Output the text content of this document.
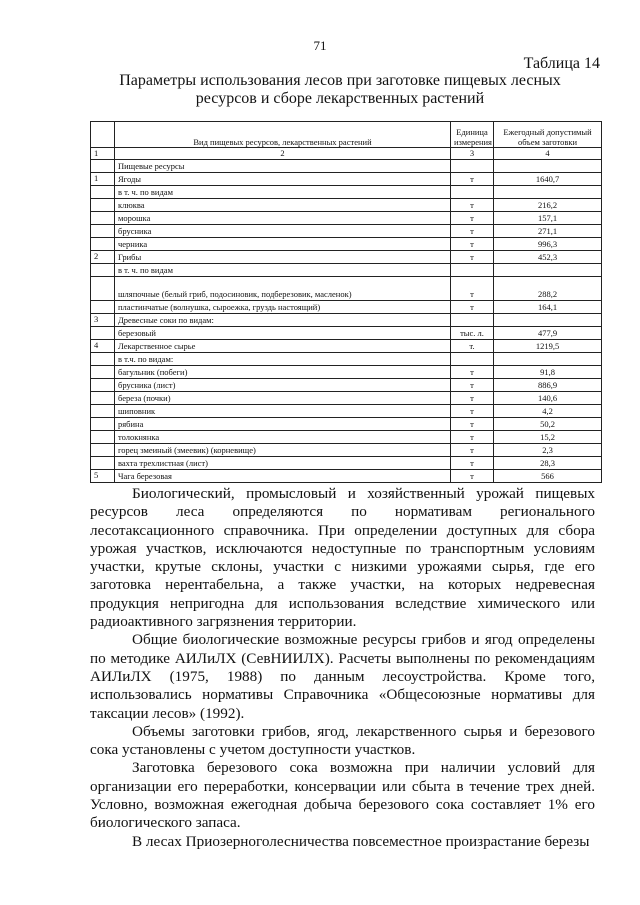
71
Таблица 14
Параметры использования лесов при заготовке пищевых лесных ресурсов и сборе лекарственных растений
	Вид пищевых ресурсов, лекарственных растений	Единица измерения	Ежегодный допустимый объем заготовки
1	2	3	4
	Пищевые ресурсы		
1	Ягоды	т	1640,7
	в т. ч. по видам		
	клюква	т	216,2
	морошка	т	157,1
	брусника	т	271,1
	черника	т	996,3
2	Грибы	т	452,3
	в т. ч. по видам		
	шляпочные (белый гриб, подосиновик, подберезовик, масленок)	т	288,2
	пластинчатые (волнушка, сыроежка, груздь настоящий)	т	164,1
3	Древесные соки по видам:		
	березовый	тыс. л.	477,9
4	Лекарственное сырье	т.	1219,5
	в т.ч. по видам:		
	багульник (побеги)	т	91,8
	брусника (лист)	т	886,9
	береза (почки)	т	140,6
	шиповник	т	4,2
	рябина	т	50,2
	толокнянка	т	15,2
	горец змеиный (змеевик) (корневище)	т	2,3
	вахта трехлистная (лист)	т	28,3
5	Чага березовая	т	566

Биологический, промысловый и хозяйственный урожай пищевых ресурсов леса определяются по нормативам регионального лесотаксационного справочника. При определении доступных для сбора урожая участков, исключаются недоступные по транспортным условиям участки, крутые склоны, участки с низкими урожаями сырья, где его заготовка нерентабельна, а также участки, на которых недревесная продукция непригодна для использования вследствие химического или радиоактивного загрязнения территории.

Общие биологические возможные ресурсы грибов и ягод определены по методике АИЛиЛХ (СевНИИЛХ). Расчеты выполнены по рекомендациям АИЛиЛХ (1975, 1988) по данным лесоустройства. Кроме того, использовались нормативы Справочника «Общесоюзные нормативы для таксации лесов» (1992).

Объемы заготовки грибов, ягод, лекарственного сырья и березового сока установлены с учетом доступности участков.

Заготовка березового сока возможна при наличии условий для организации его переработки, консервации или сбыта в течение трех дней. Условно, возможная ежегодная добыча березового сока составляет 1% его биологического запаса.

В лесах Приозерноголесничества повсеместное произрастание березы
